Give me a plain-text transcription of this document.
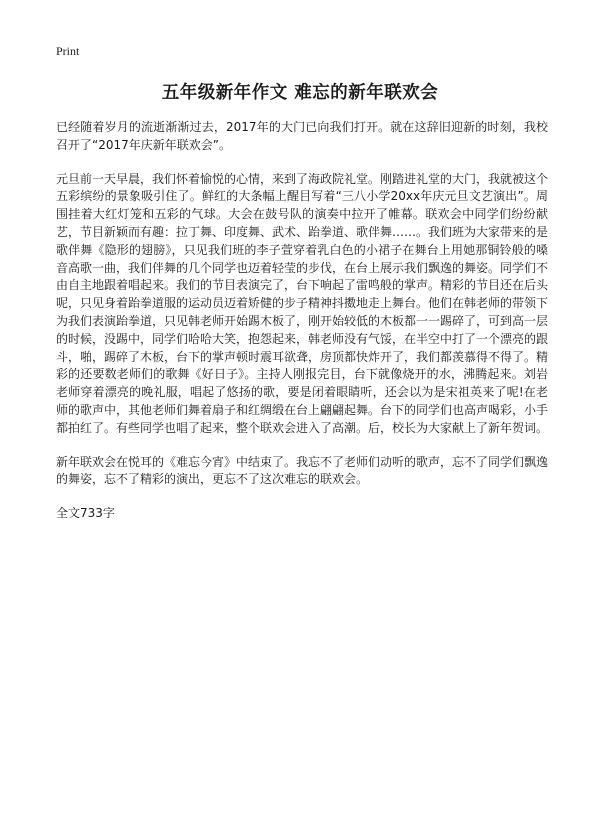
Print
五年级新年作文 难忘的新年联欢会

已经随着岁月的流逝渐渐过去，2017年的大门已向我们打开。就在这辞旧迎新的时刻，我校召开了“2017年庆新年联欢会”。

元旦前一天早晨，我们怀着愉悦的心情，来到了海政院礼堂。刚踏进礼堂的大门，我就被这个五彩缤纷的景象吸引住了。鲜红的大条幅上醒目写着“三八小学20xx年庆元旦文艺演出”。周围挂着大红灯笼和五彩的气球。大会在鼓号队的演奏中拉开了帷幕。联欢会中同学们纷纷献艺，节目新颖而有趣：拉丁舞、印度舞、武术、跆拳道、歌伴舞……。我们班为大家带来的是歌伴舞《隐形的翅膀》，只见我们班的李子萱穿着乳白色的小裙子在舞台上用她那铜铃般的嗓音高歌一曲，我们伴舞的几个同学也迈着轻莹的步伐，在台上展示我们飘逸的舞姿。同学们不由自主地跟着唱起来。我们的节目表演完了，台下响起了雷鸣般的掌声。精彩的节目还在后头呢，只见身着跆拳道服的运动员迈着矫健的步子精神抖擞地走上舞台。他们在韩老师的带领下为我们表演跆拳道，只见韩老师开始踢木板了，刚开始较低的木板都一一踢碎了，可到高一层的时候，没踢中，同学们哈哈大笑，抱怨起来，韩老师没有气馁，在半空中打了一个漂亮的跟斗，啪，踢碎了木板，台下的掌声顿时震耳欲聋，房顶都快炸开了，我们都羡慕得不得了。精彩的还要数老师们的歌舞《好日子》。主持人刚报完目，台下就像烧开的水，沸腾起来。刘岩老师穿着漂亮的晚礼服，唱起了悠扬的歌，要是闭着眼睛听，还会以为是宋祖英来了呢!在老师的歌声中，其他老师们舞着扇子和红绸缎在台上翩翩起舞。台下的同学们也高声喝彩，小手都拍红了。有些同学也唱了起来，整个联欢会进入了高潮。后，校长为大家献上了新年贺词。

新年联欢会在悦耳的《难忘今宵》中结束了。我忘不了老师们动听的歌声，忘不了同学们飘逸的舞姿，忘不了精彩的演出，更忘不了这次难忘的联欢会。

全文733字
